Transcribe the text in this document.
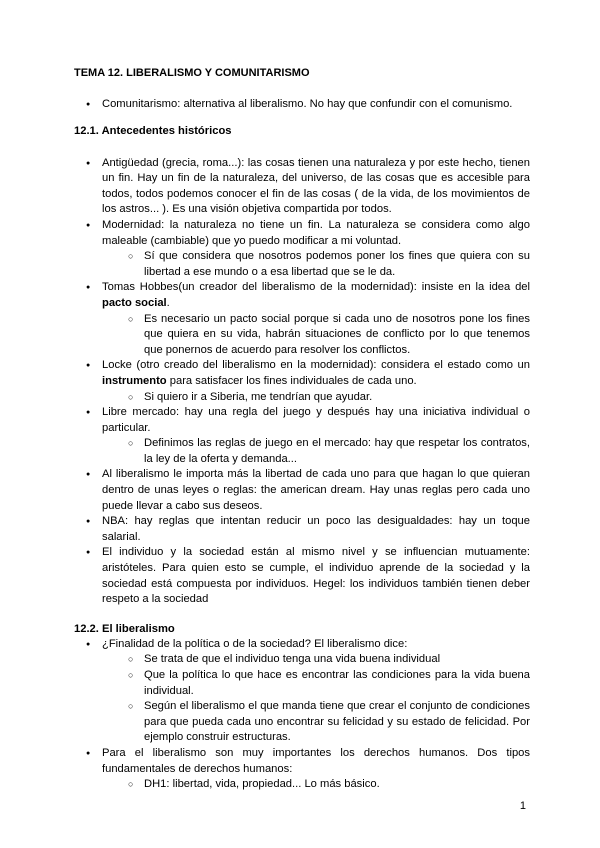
TEMA 12. LIBERALISMO Y COMUNITARISMO
● Comunitarismo: alternativa al liberalismo. No hay que confundir con el comunismo.
12.1. Antecedentes históricos
● Antigüedad (grecia, roma...): las cosas tienen una naturaleza y por este hecho, tienen un fin. Hay un fin de la naturaleza, del universo, de las cosas que es accesible para todos, todos podemos conocer el fin de las cosas ( de la vida, de los movimientos de los astros... ). Es una visión objetiva compartida por todos.
● Modernidad: la naturaleza no tiene un fin. La naturaleza se considera como algo maleable (cambiable) que yo puedo modificar a mi voluntad.
○ Sí que considera que nosotros podemos poner los fines que quiera con su libertad a ese mundo o a esa libertad que se le da.
● Tomas Hobbes(un creador del liberalismo de la modernidad): insiste en la idea del pacto social.
○ Es necesario un pacto social porque si cada uno de nosotros pone los fines que quiera en su vida, habrán situaciones de conflicto por lo que tenemos que ponernos de acuerdo para resolver los conflictos.
● Locke (otro creado del liberalismo en la modernidad): considera el estado como un instrumento para satisfacer los fines individuales de cada uno.
○ Si quiero ir a Siberia, me tendrían que ayudar.
● Libre mercado: hay una regla del juego y después hay una iniciativa individual o particular.
○ Definimos las reglas de juego en el mercado: hay que respetar los contratos, la ley de la oferta y demanda...
● Al liberalismo le importa más la libertad de cada uno para que hagan lo que quieran dentro de unas leyes o reglas: the american dream. Hay unas reglas pero cada uno puede llevar a cabo sus deseos.
● NBA: hay reglas que intentan reducir un poco las desigualdades: hay un toque salarial.
● El individuo y la sociedad están al mismo nivel y se influencian mutuamente: aristóteles. Para quien esto se cumple, el individuo aprende de la sociedad y la sociedad está compuesta por individuos. Hegel: los individuos también tienen deber respeto a la sociedad
12.2. El liberalismo
● ¿Finalidad de la política o de la sociedad? El liberalismo dice:
○ Se trata de que el individuo tenga una vida buena individual
○ Que la política lo que hace es encontrar las condiciones para la vida buena individual.
○ Según el liberalismo el que manda tiene que crear el conjunto de condiciones para que pueda cada uno encontrar su felicidad y su estado de felicidad. Por ejemplo construir estructuras.
● Para el liberalismo son muy importantes los derechos humanos. Dos tipos fundamentales de derechos humanos:
○ DH1: libertad, vida, propiedad... Lo más básico.
1
